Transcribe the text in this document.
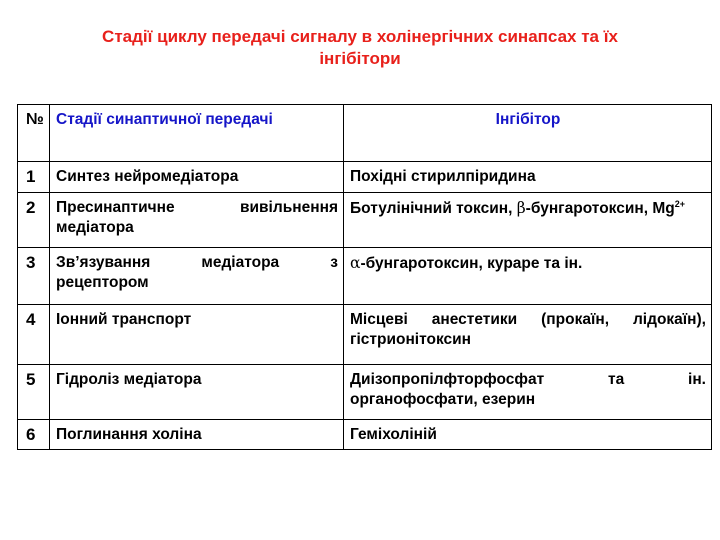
Стадії циклу передачі сигналу в холінергічних синапсах та їх
інгібітори
№	Стадії синаптичної передачі	Інгібітор
1	Синтез нейромедіатора	Похідні стирилпіридина
2	Пресинаптичне вивільнення медіатора	Ботулінічний токсин, β-бунгаротоксин, $Mg^{2+}$
3	Зв’язування медіатора з рецептором	α-бунгаротоксин, кураре та ін.
4	Іонний транспорт	Місцеві анестетики (прокаїн, лідокаїн), гістриoнітоксин
5	Гідроліз медіатора	Диізопропілфторфосфат та ін. органофосфати, езерин
6	Поглинання холіна	Геміхоліній
